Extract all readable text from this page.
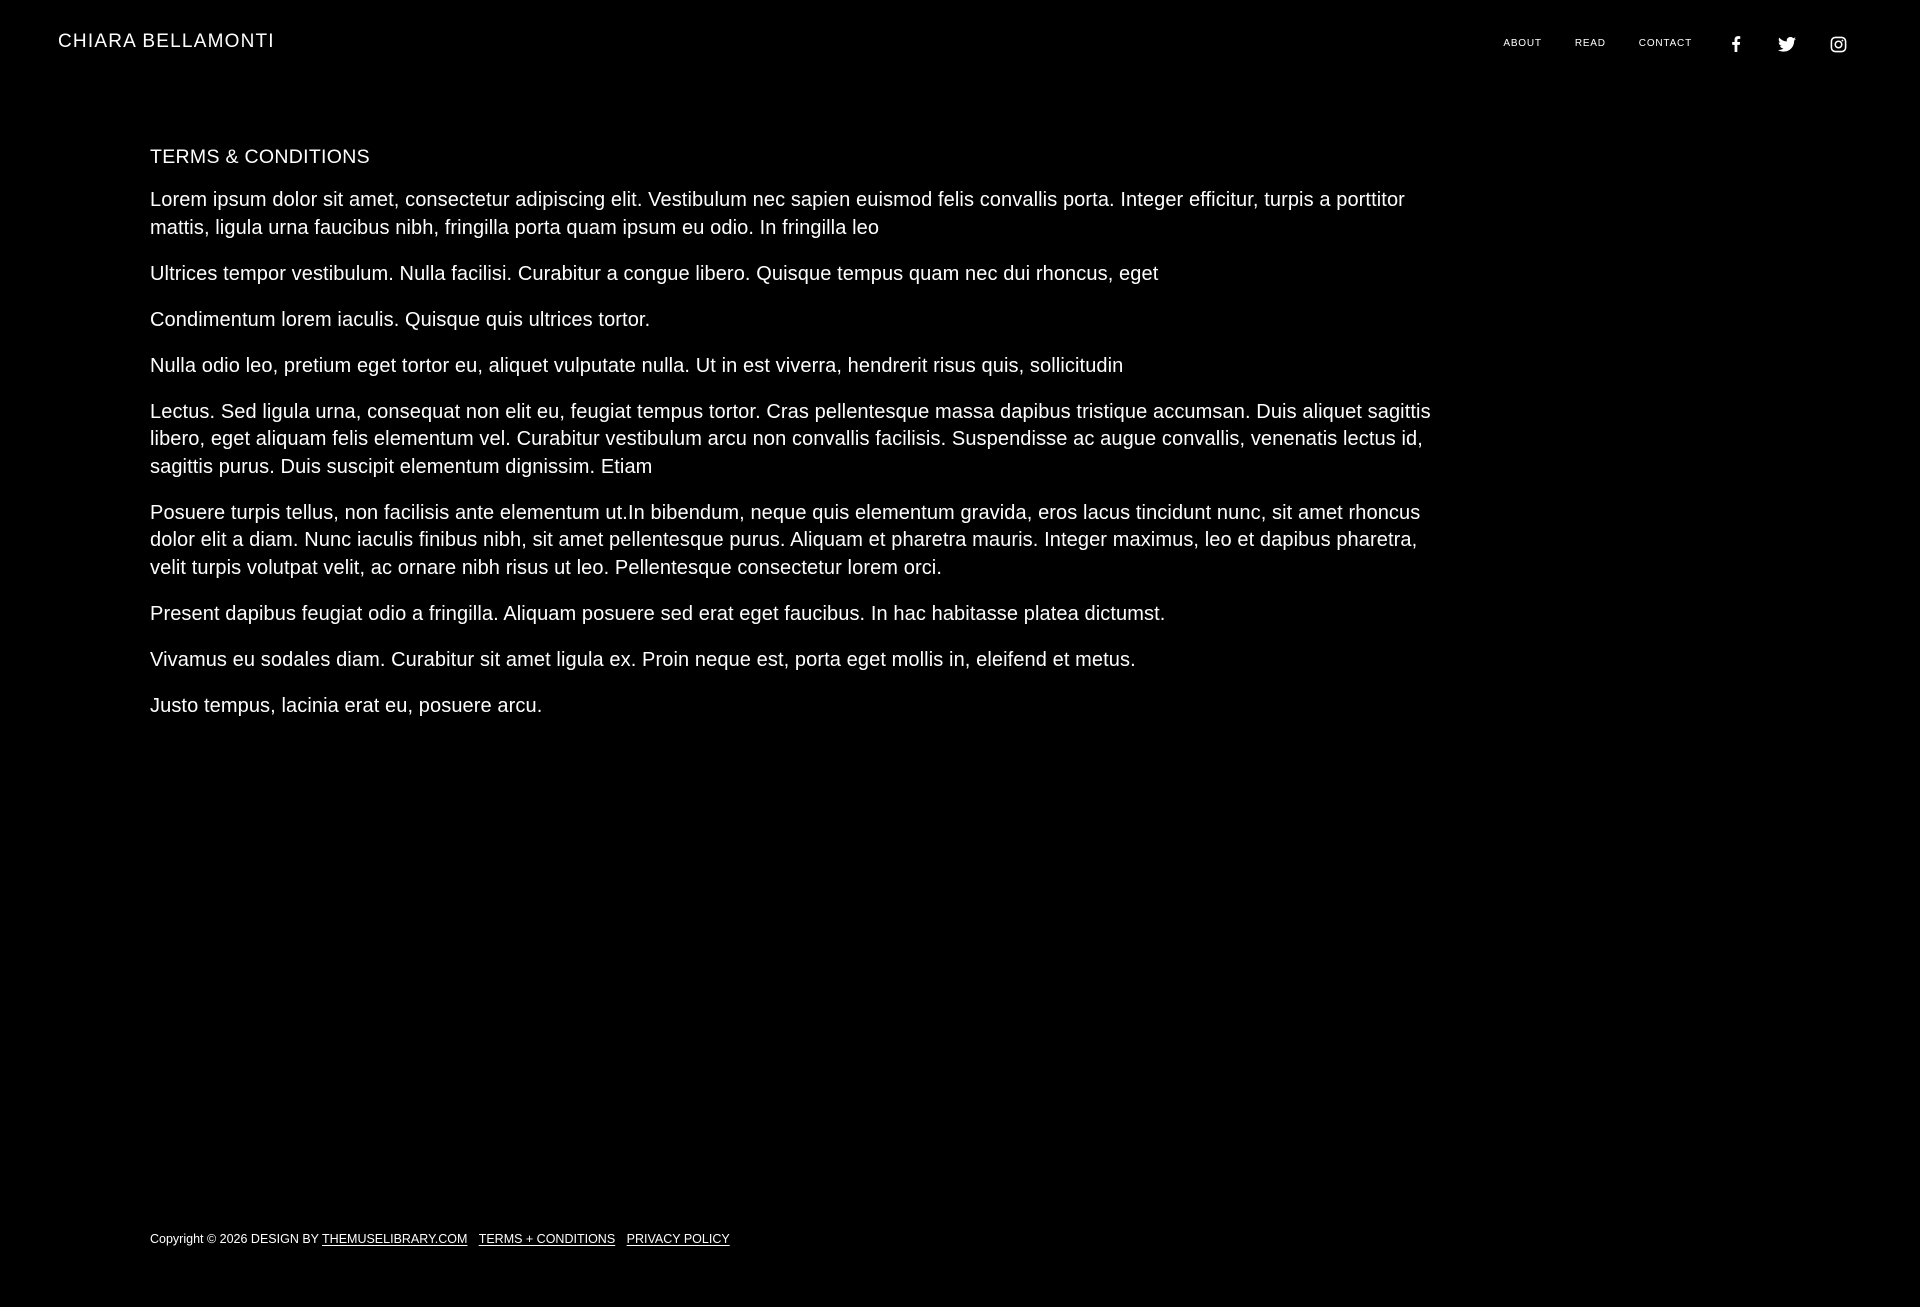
CHIARA BELLAMONTI	ABOUT	READ	CONTACT
TERMS & CONDITIONS

Lorem ipsum dolor sit amet, consectetur adipiscing elit. Vestibulum nec sapien euismod felis convallis porta. Integer efficitur, turpis a porttitor mattis, ligula urna faucibus nibh, fringilla porta quam ipsum eu odio. In fringilla leo

Ultrices tempor vestibulum. Nulla facilisi. Curabitur a congue libero. Quisque tempus quam nec dui rhoncus, eget

Condimentum lorem iaculis. Quisque quis ultrices tortor.

Nulla odio leo, pretium eget tortor eu, aliquet vulputate nulla. Ut in est viverra, hendrerit risus quis, sollicitudin

Lectus. Sed ligula urna, consequat non elit eu, feugiat tempus tortor. Cras pellentesque massa dapibus tristique accumsan. Duis aliquet sagittis libero, eget aliquam felis elementum vel. Curabitur vestibulum arcu non convallis facilisis. Suspendisse ac augue convallis, venenatis lectus id, sagittis purus. Duis suscipit elementum dignissim. Etiam

Posuere turpis tellus, non facilisis ante elementum ut.In bibendum, neque quis elementum gravida, eros lacus tincidunt nunc, sit amet rhoncus dolor elit a diam. Nunc iaculis finibus nibh, sit amet pellentesque purus. Aliquam et pharetra mauris. Integer maximus, leo et dapibus pharetra, velit turpis volutpat velit, ac ornare nibh risus ut leo. Pellentesque consectetur lorem orci.

Present dapibus feugiat odio a fringilla. Aliquam posuere sed erat eget faucibus. In hac habitasse platea dictumst.

Vivamus eu sodales diam. Curabitur sit amet ligula ex. Proin neque est, porta eget mollis in, eleifend et metus.

Justo tempus, lacinia erat eu, posuere arcu.

Copyright © 2026 DESIGN BY THEMUSELIBRARY.COM TERMS + CONDITIONS PRIVACY POLICY
